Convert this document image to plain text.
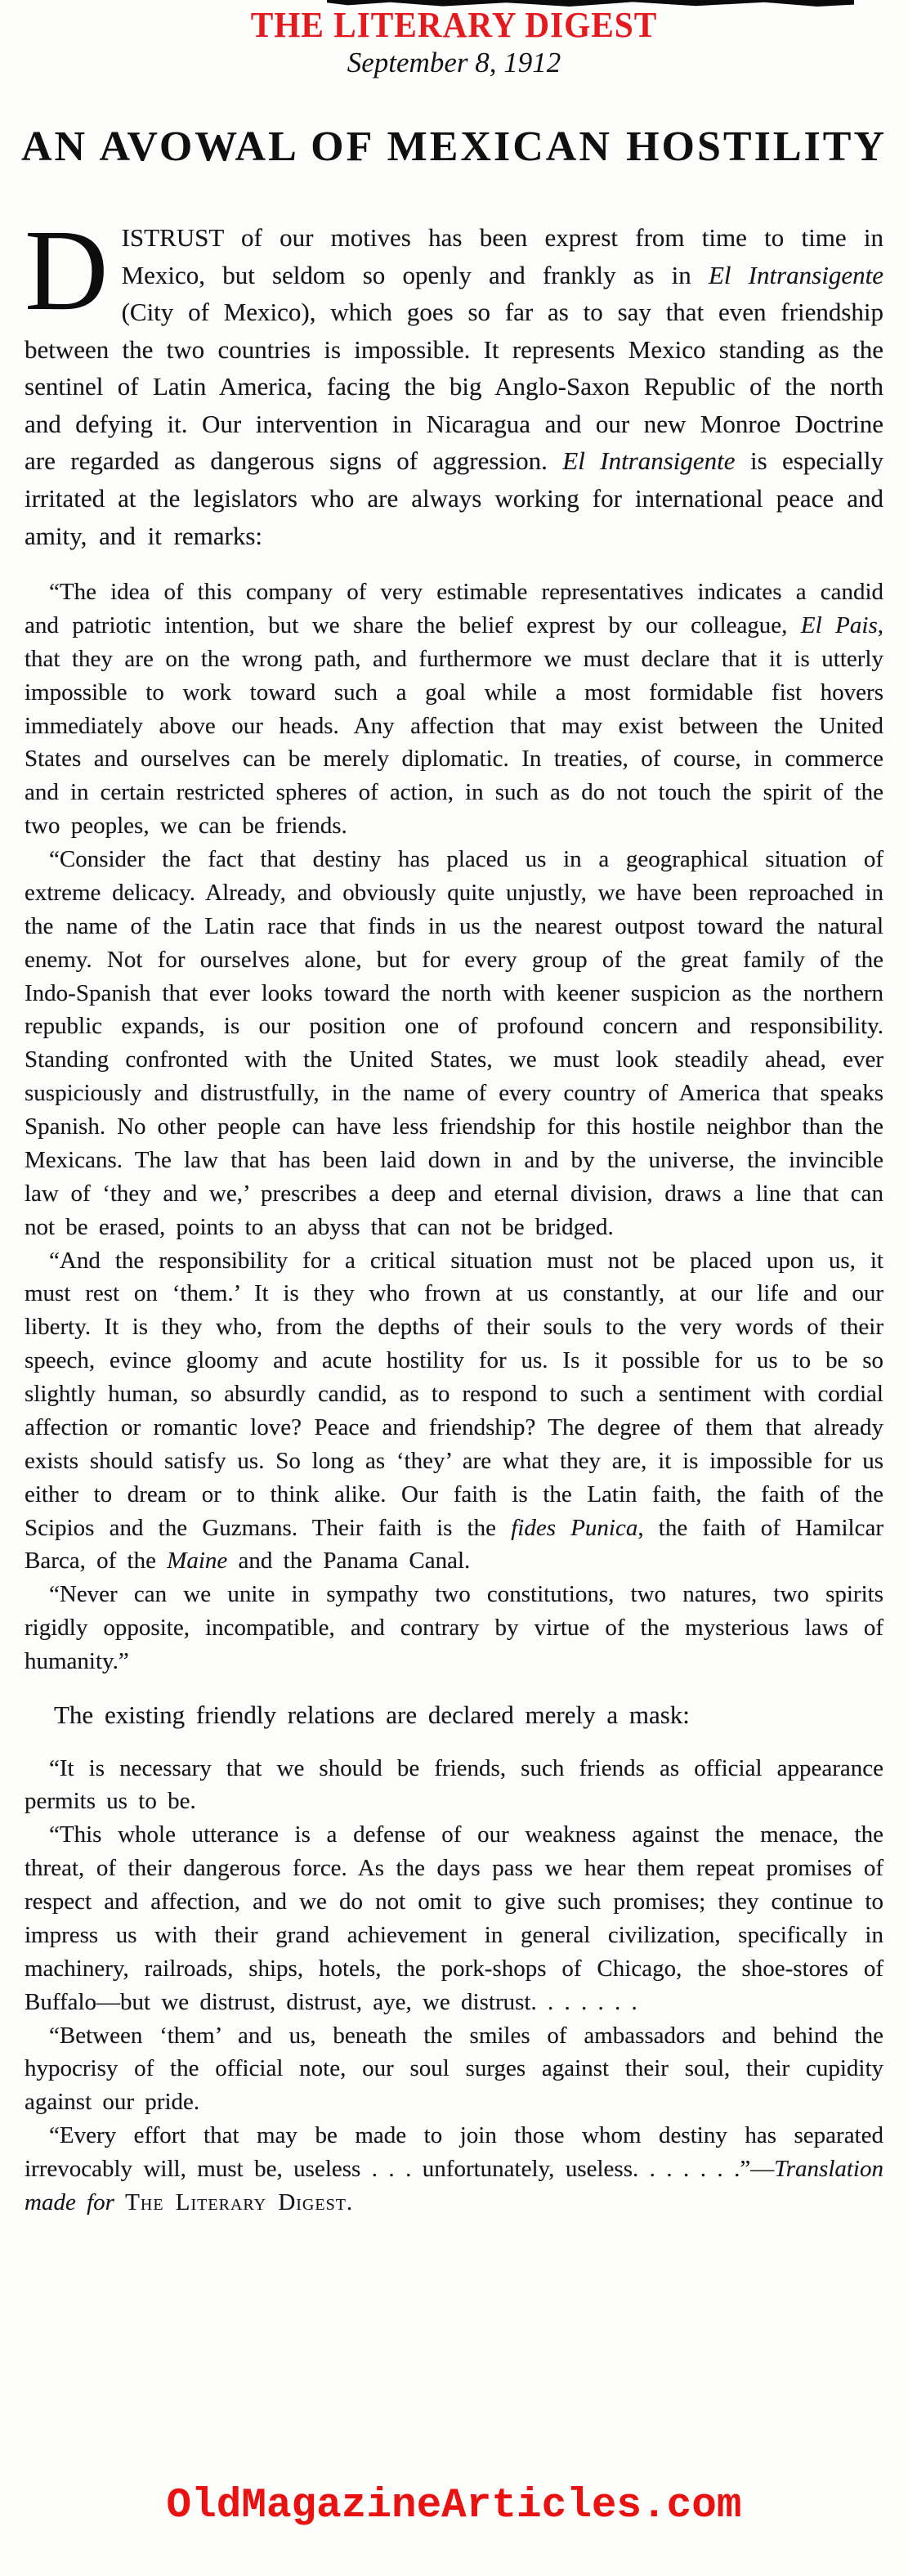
THE LITERARY DIGEST
September 8, 1912
AN AVOWAL OF MEXICAN HOSTILITY

DISTRUST of our motives has been exprest from time to time in Mexico, but seldom so openly and frankly as in El Intransigente (City of Mexico), which goes so far as to say that even friendship between the two countries is impossible. It represents Mexico standing as the sentinel of Latin America, facing the big Anglo-Saxon Republic of the north and defying it. Our intervention in Nicaragua and our new Monroe Doctrine are regarded as dangerous signs of aggression. El Intransigente is especially irritated at the legislators who are always working for international peace and amity, and it remarks:

“The idea of this company of very estimable representatives indicates a candid and patriotic intention, but we share the belief exprest by our colleague, El Pais, that they are on the wrong path, and furthermore we must declare that it is utterly impossible to work toward such a goal while a most formidable fist hovers immediately above our heads. Any affection that may exist between the United States and ourselves can be merely diplomatic. In treaties, of course, in commerce and in certain restricted spheres of action, in such as do not touch the spirit of the two peoples, we can be friends.

“Consider the fact that destiny has placed us in a geographical situation of extreme delicacy. Already, and obviously quite unjustly, we have been reproached in the name of the Latin race that finds in us the nearest outpost toward the natural enemy. Not for ourselves alone, but for every group of the great family of the Indo-Spanish that ever looks toward the north with keener suspicion as the northern republic expands, is our position one of profound concern and responsibility. Standing confronted with the United States, we must look steadily ahead, ever suspiciously and distrustfully, in the name of every country of America that speaks Spanish. No other people can have less friendship for this hostile neighbor than the Mexicans. The law that has been laid down in and by the universe, the invincible law of ‘they and we,’ prescribes a deep and eternal division, draws a line that can not be erased, points to an abyss that can not be bridged.

“And the responsibility for a critical situation must not be placed upon us, it must rest on ‘them.’ It is they who frown at us constantly, at our life and our liberty. It is they who, from the depths of their souls to the very words of their speech, evince gloomy and acute hostility for us. Is it possible for us to be so slightly human, so absurdly candid, as to respond to such a sentiment with cordial affection or romantic love? Peace and friendship? The degree of them that already exists should satisfy us. So long as ‘they’ are what they are, it is impossible for us either to dream or to think alike. Our faith is the Latin faith, the faith of the Scipios and the Guzmans. Their faith is the fides Punica, the faith of Hamilcar Barca, of the Maine and the Panama Canal.

“Never can we unite in sympathy two constitutions, two natures, two spirits rigidly opposite, incompatible, and contrary by virtue of the mysterious laws of humanity.”

The existing friendly relations are declared merely a mask:

“It is necessary that we should be friends, such friends as official appearance permits us to be.

“This whole utterance is a defense of our weakness against the menace, the threat, of their dangerous force. As the days pass we hear them repeat promises of respect and affection, and we do not omit to give such promises; they continue to impress us with their grand achievement in general civilization, specifically in machinery, railroads, ships, hotels, the pork-shops of Chicago, the shoe-stores of Buffalo—but we distrust, distrust, aye, we distrust. . . . . . .

“Between ‘them’ and us, beneath the smiles of ambassadors and behind the hypocrisy of the official note, our soul surges against their soul, their cupidity against our pride.

“Every effort that may be made to join those whom destiny has separated irrevocably will, must be, useless . . . unfortunately, useless. . . . . . .”—Translation made for The Literary Digest.

OldMagazineArticles.com
